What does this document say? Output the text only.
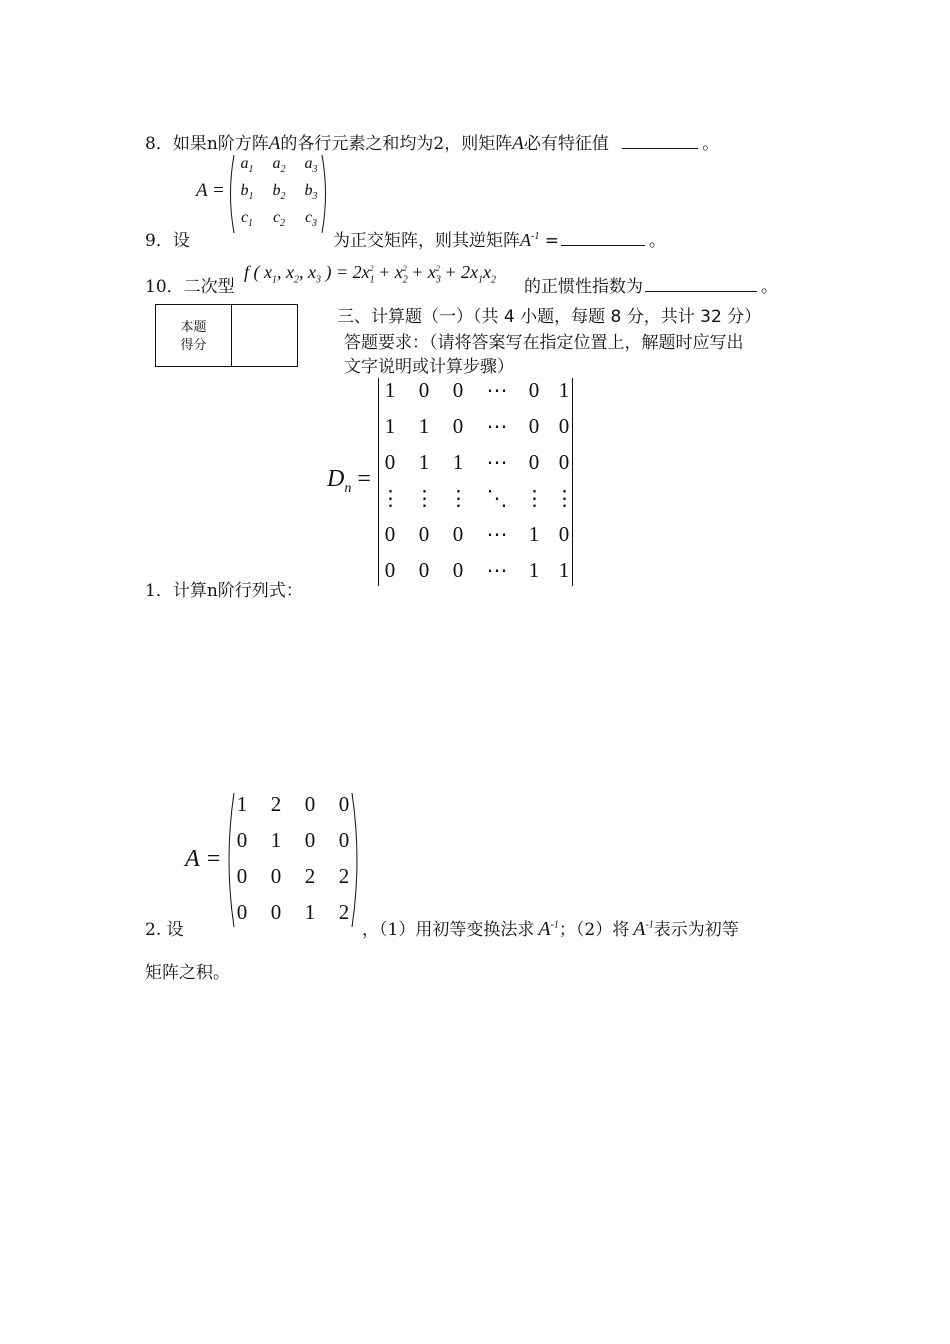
8．如果n阶方阵A的各行元素之和均为2，则矩阵A必有特征值	。
A =
$a_1$	$a_2$	$a_3$
$b_1$	$b_2$	$b_3$
$c_1$	$c_2$	$c_3$
9．设	为正交矩阵，则其逆矩阵$A^{-1}$ =	。
10．二次型
f ( $x_1$, $x_2$, $x_3$ ) = $2x_1^2 + x_2^2 + x_3^2 + 2x_1x_2$ 的正惯性指数为	。
本题
得分
三、计算题（一）（共 4 小题，每题 8 分，共计 32 分）
答题要求：（请将答案写在指定位置上，解题时应写出
文字说明或计算步骤）
$D_n$ =
1 0 0	⋯	0 1
1 1 0	⋯	0 0
0 1 1	⋯	0 0
⋮ ⋮ ⋮ ⋱ ⋮ ⋮
0 0 0	⋯	1 0
0 0 0	⋯	1 1
1．计算n阶行列式：
A =
1 2 0 0
0 1 0 0
0 0 2 2
0 0 1 2
2. 设	，（1）用初等变换法求 $A^{-1}$；（2）将 $A^{-1}$表示为初等
矩阵之积。
